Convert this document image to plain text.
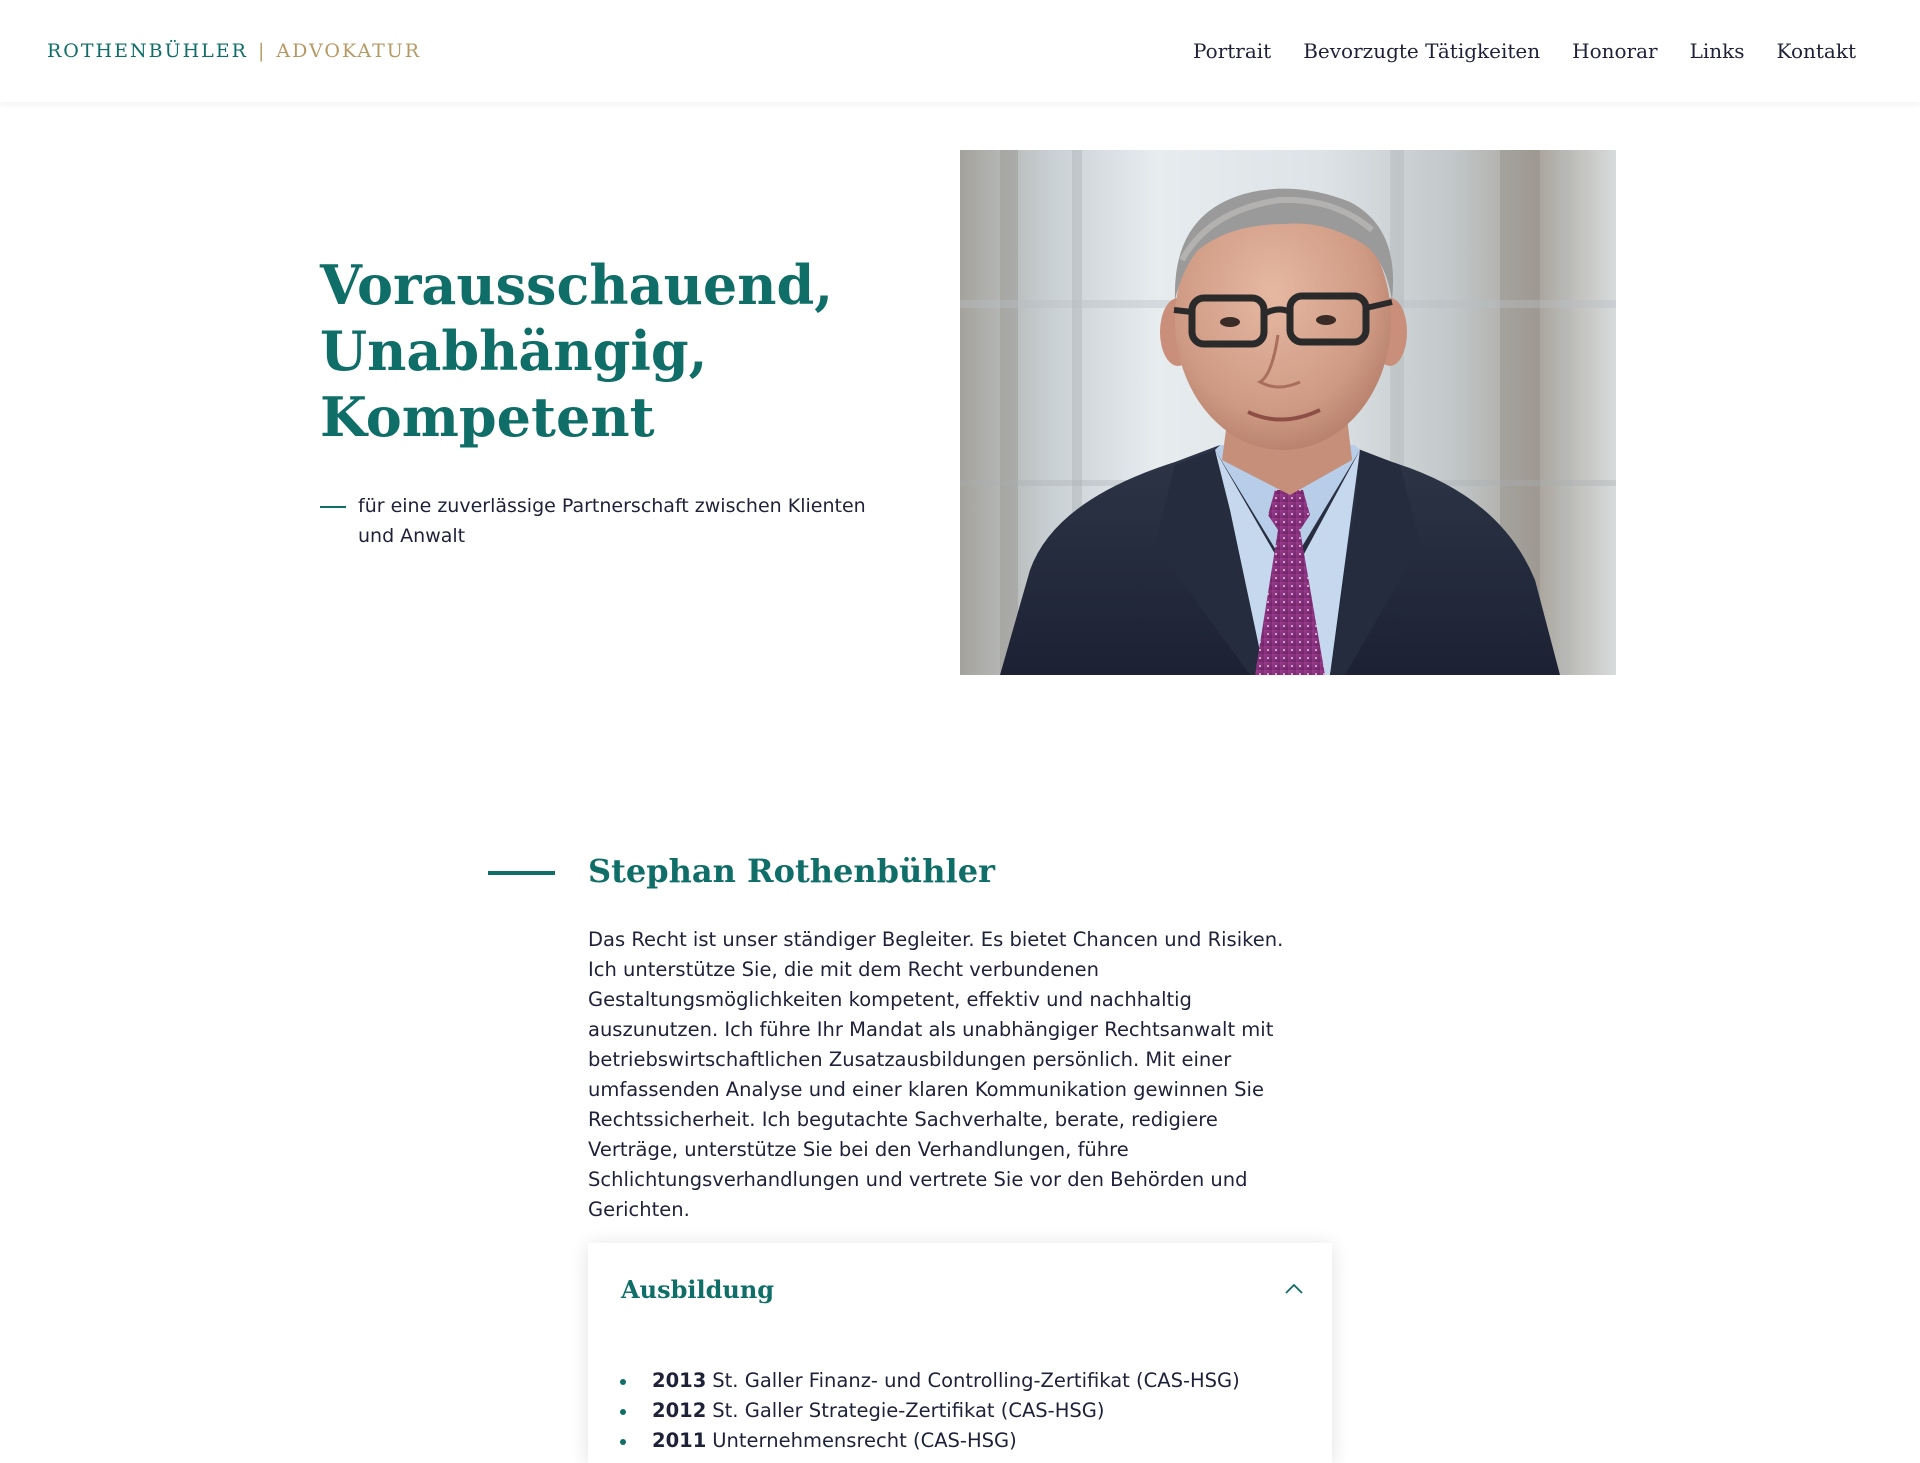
ROTHENBÜHLER | ADVOKATUR	Portrait Bevorzugte Tätigkeiten Honorar Links Kontakt
Vorausschauend,
Unabhängig,
Kompetent
für eine zuverlässige Partnerschaft zwischen Klienten und Anwalt
Stephan Rothenbühler

Das Recht ist unser ständiger Begleiter. Es bietet Chancen und Risiken. Ich unterstütze Sie, die mit dem Recht verbundenen Gestaltungsmöglichkeiten kompetent, effektiv und nachhaltig auszunutzen. Ich führe Ihr Mandat als unabhängiger Rechtsanwalt mit betriebswirtschaftlichen Zusatzausbildungen persönlich. Mit einer umfassenden Analyse und einer klaren Kommunikation gewinnen Sie Rechtssicherheit. Ich begutachte Sachverhalte, berate, redigiere Verträge, unterstütze Sie bei den Verhandlungen, führe Schlichtungsverhandlungen und vertrete Sie vor den Behörden und Gerichten.

Ausbildung
2013 St. Galler Finanz- und Controlling-Zertifikat (CAS-HSG)
2012 St. Galler Strategie-Zertifikat (CAS-HSG)
2011 Unternehmensrecht (CAS-HSG)
